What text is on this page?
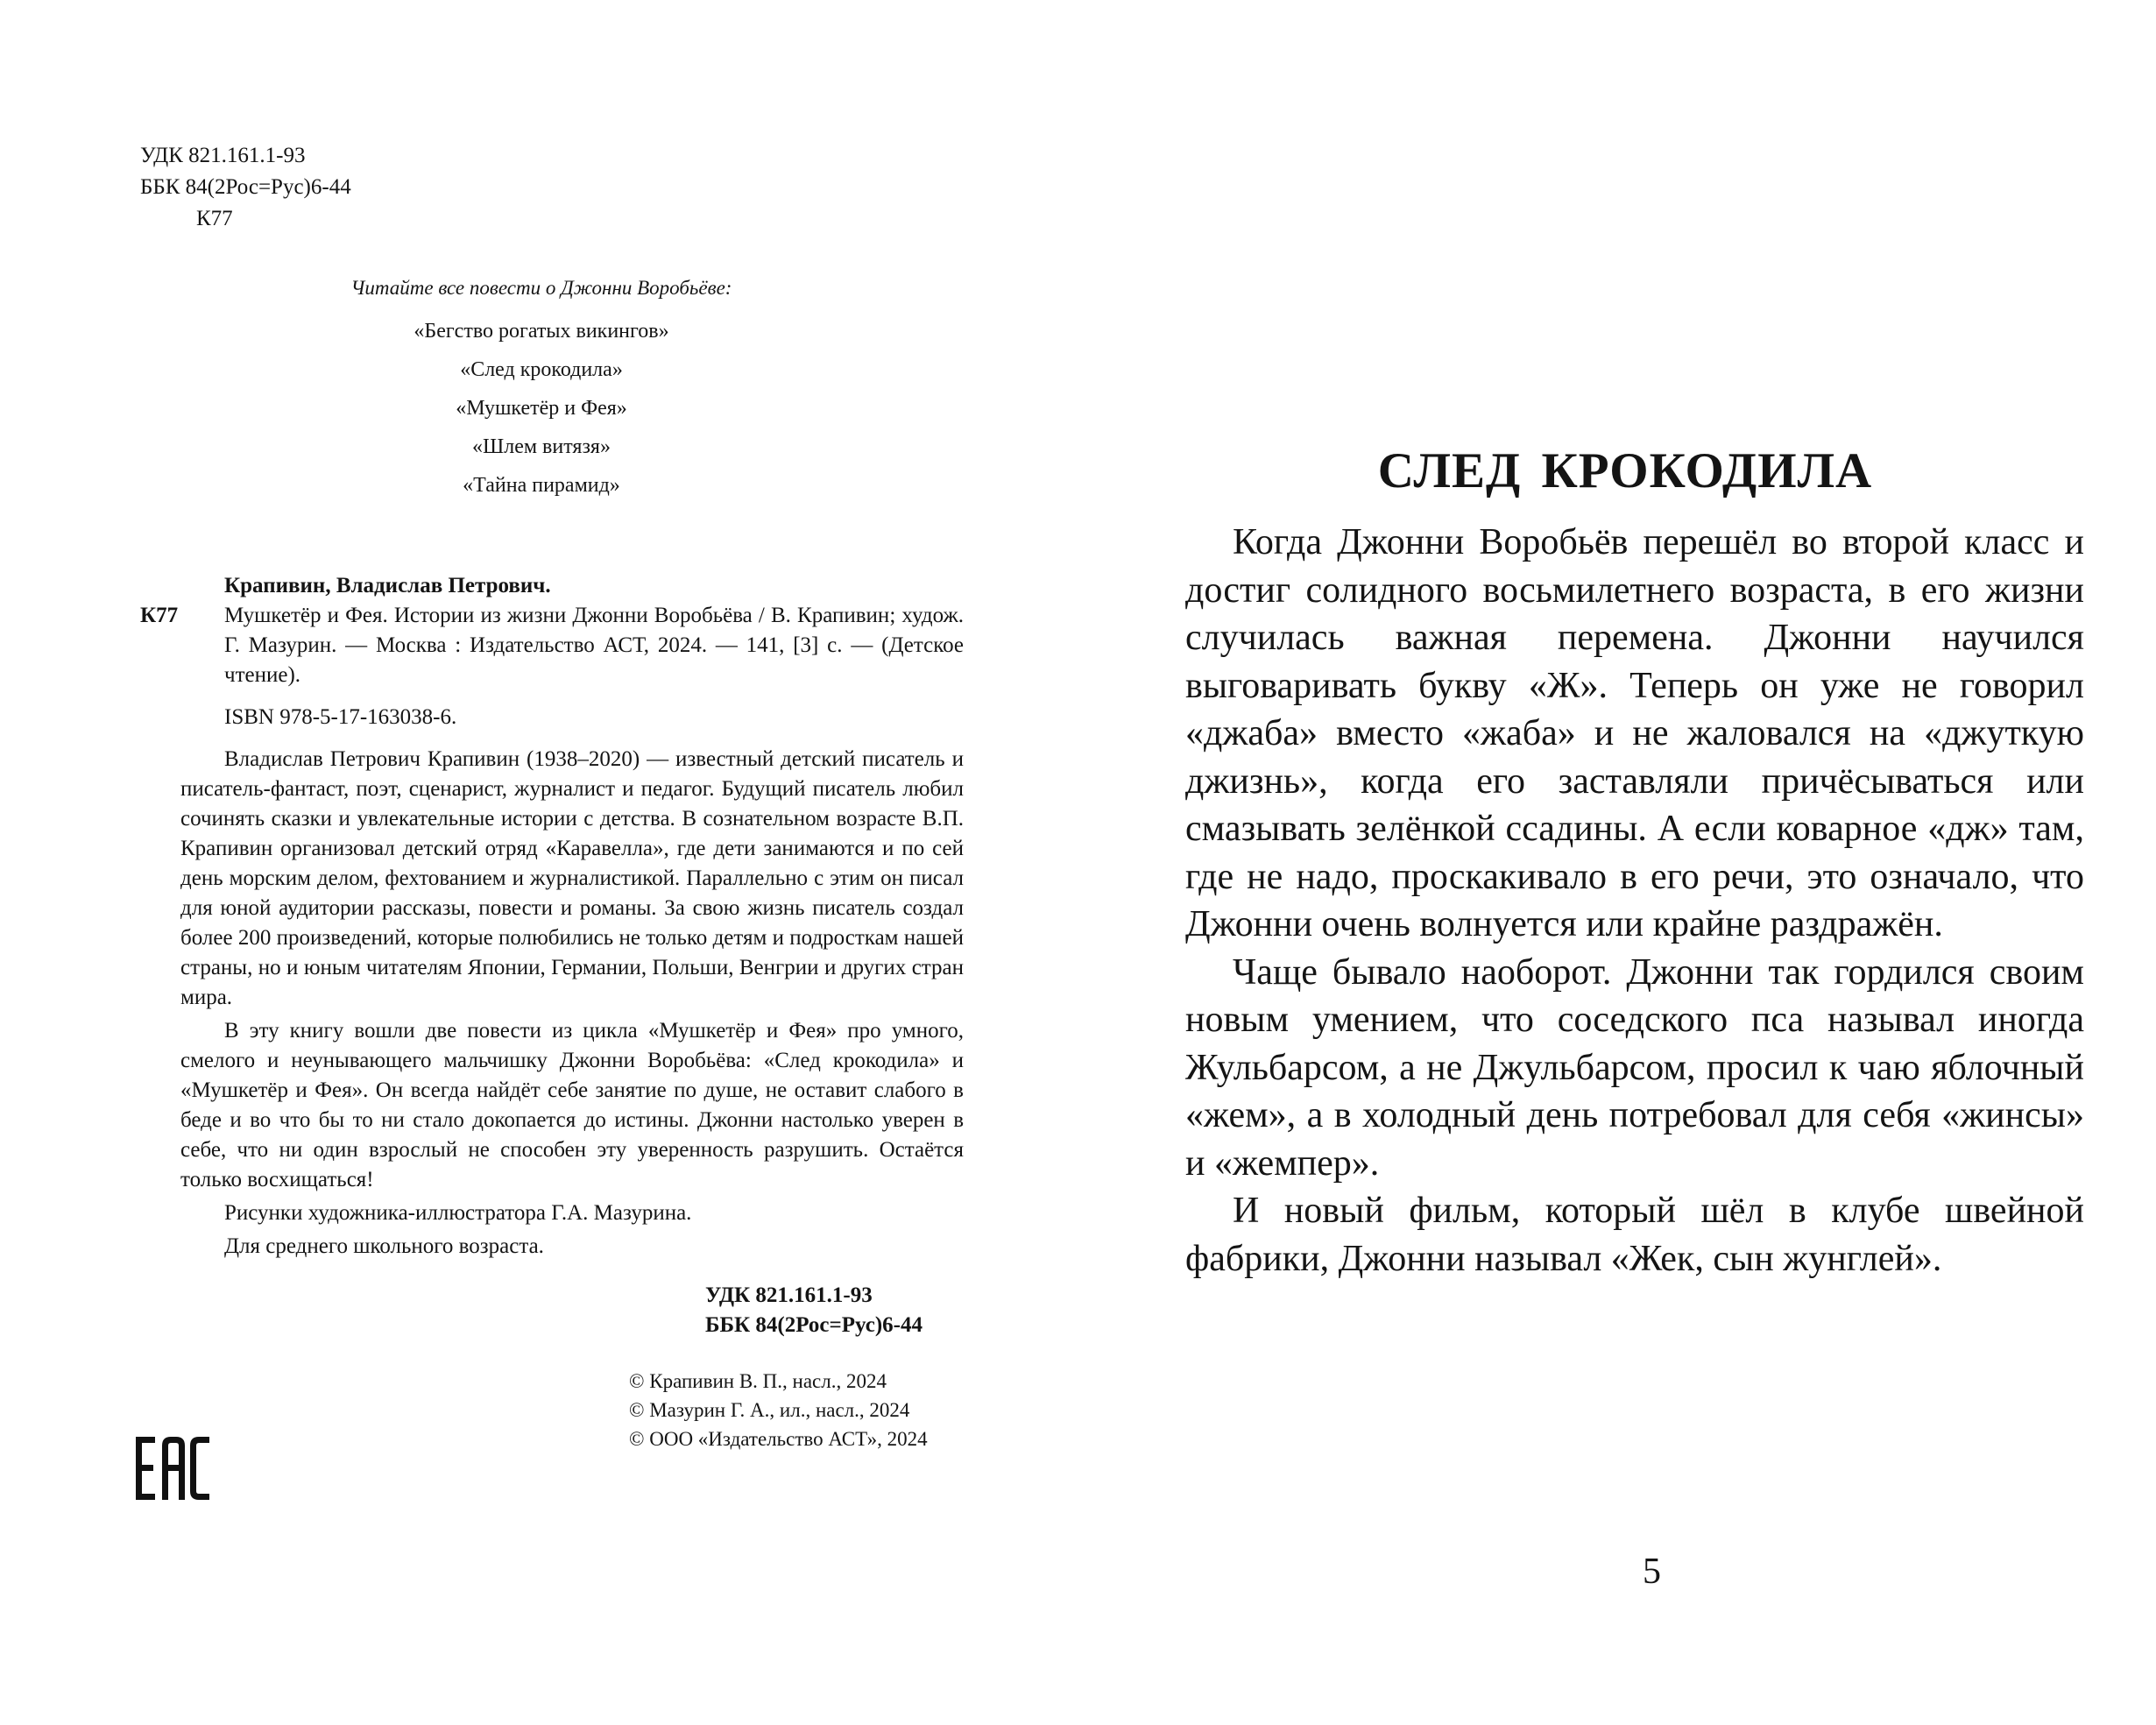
УДК 821.161.1-93
ББК 84(2Рос=Рус)6-44
К77
Читайте все повести о Джонни Воробьёве:
«Бегство рогатых викингов»
«След крокодила»
«Мушкетёр и Фея»
«Шлем витязя»
«Тайна пирамид»
Крапивин, Владислав Петрович.
К77	Мушкетёр и Фея. Истории из жизни Джонни Воробьёва / В. Крапивин; худож. Г. Мазурин. — Москва : Издательство АСТ, 2024. — 141, [3] с. — (Детское чтение).
ISBN 978-5-17-163038-6.

Владислав Петрович Крапивин (1938–2020) — известный детский писатель и писатель-фантаст, поэт, сценарист, журналист и педагог. Будущий писатель любил сочинять сказки и увлекательные истории с детства. В сознательном возрасте В.П. Крапивин организовал детский отряд «Каравелла», где дети занимаются и по сей день морским делом, фехтованием и журналистикой. Параллельно с этим он писал для юной аудитории рассказы, повести и романы. За свою жизнь писатель создал более 200 произведений, которые полюбились не только детям и подросткам нашей страны, но и юным читателям Японии, Германии, Польши, Венгрии и других стран мира.

В эту книгу вошли две повести из цикла «Мушкетёр и Фея» про умного, смелого и неунывающего мальчишку Джонни Воробьёва: «След крокодила» и «Мушкетёр и Фея». Он всегда найдёт себе занятие по душе, не оставит слабого в беде и во что бы то ни стало докопается до истины. Джонни настолько уверен в себе, что ни один взрослый не способен эту уверенность разрушить. Остаётся только восхищаться!

Рисунки художника-иллюстратора Г.А. Мазурина.

Для среднего школьного возраста.

УДК 821.161.1-93
ББК 84(2Рос=Рус)6-44
© Крапивин В. П., насл., 2024
© Мазурин Г. А., ил., насл., 2024
© ООО «Издательство АСТ», 2024
СЛЕД КРОКОДИЛА

Когда Джонни Воробьёв перешёл во второй класс и достиг солидного восьмилетнего возраста, в его жизни случилась важная перемена. Джонни научился выговаривать букву «Ж». Теперь он уже не говорил «джаба» вместо «жаба» и не жаловался на «джуткую джизнь», когда его заставляли причёсываться или смазывать зелёнкой ссадины. А если коварное «дж» там, где не надо, проскакивало в его речи, это означало, что Джонни очень волнуется или крайне раздражён.

Чаще бывало наоборот. Джонни так гордился своим новым умением, что соседского пса называл иногда Жульбарсом, а не Джульбарсом, просил к чаю яблочный «жем», а в холодный день потребовал для себя «жинсы» и «жемпер».

И новый фильм, который шёл в клубе швейной фабрики, Джонни называл «Жек, сын жунглей».

5
